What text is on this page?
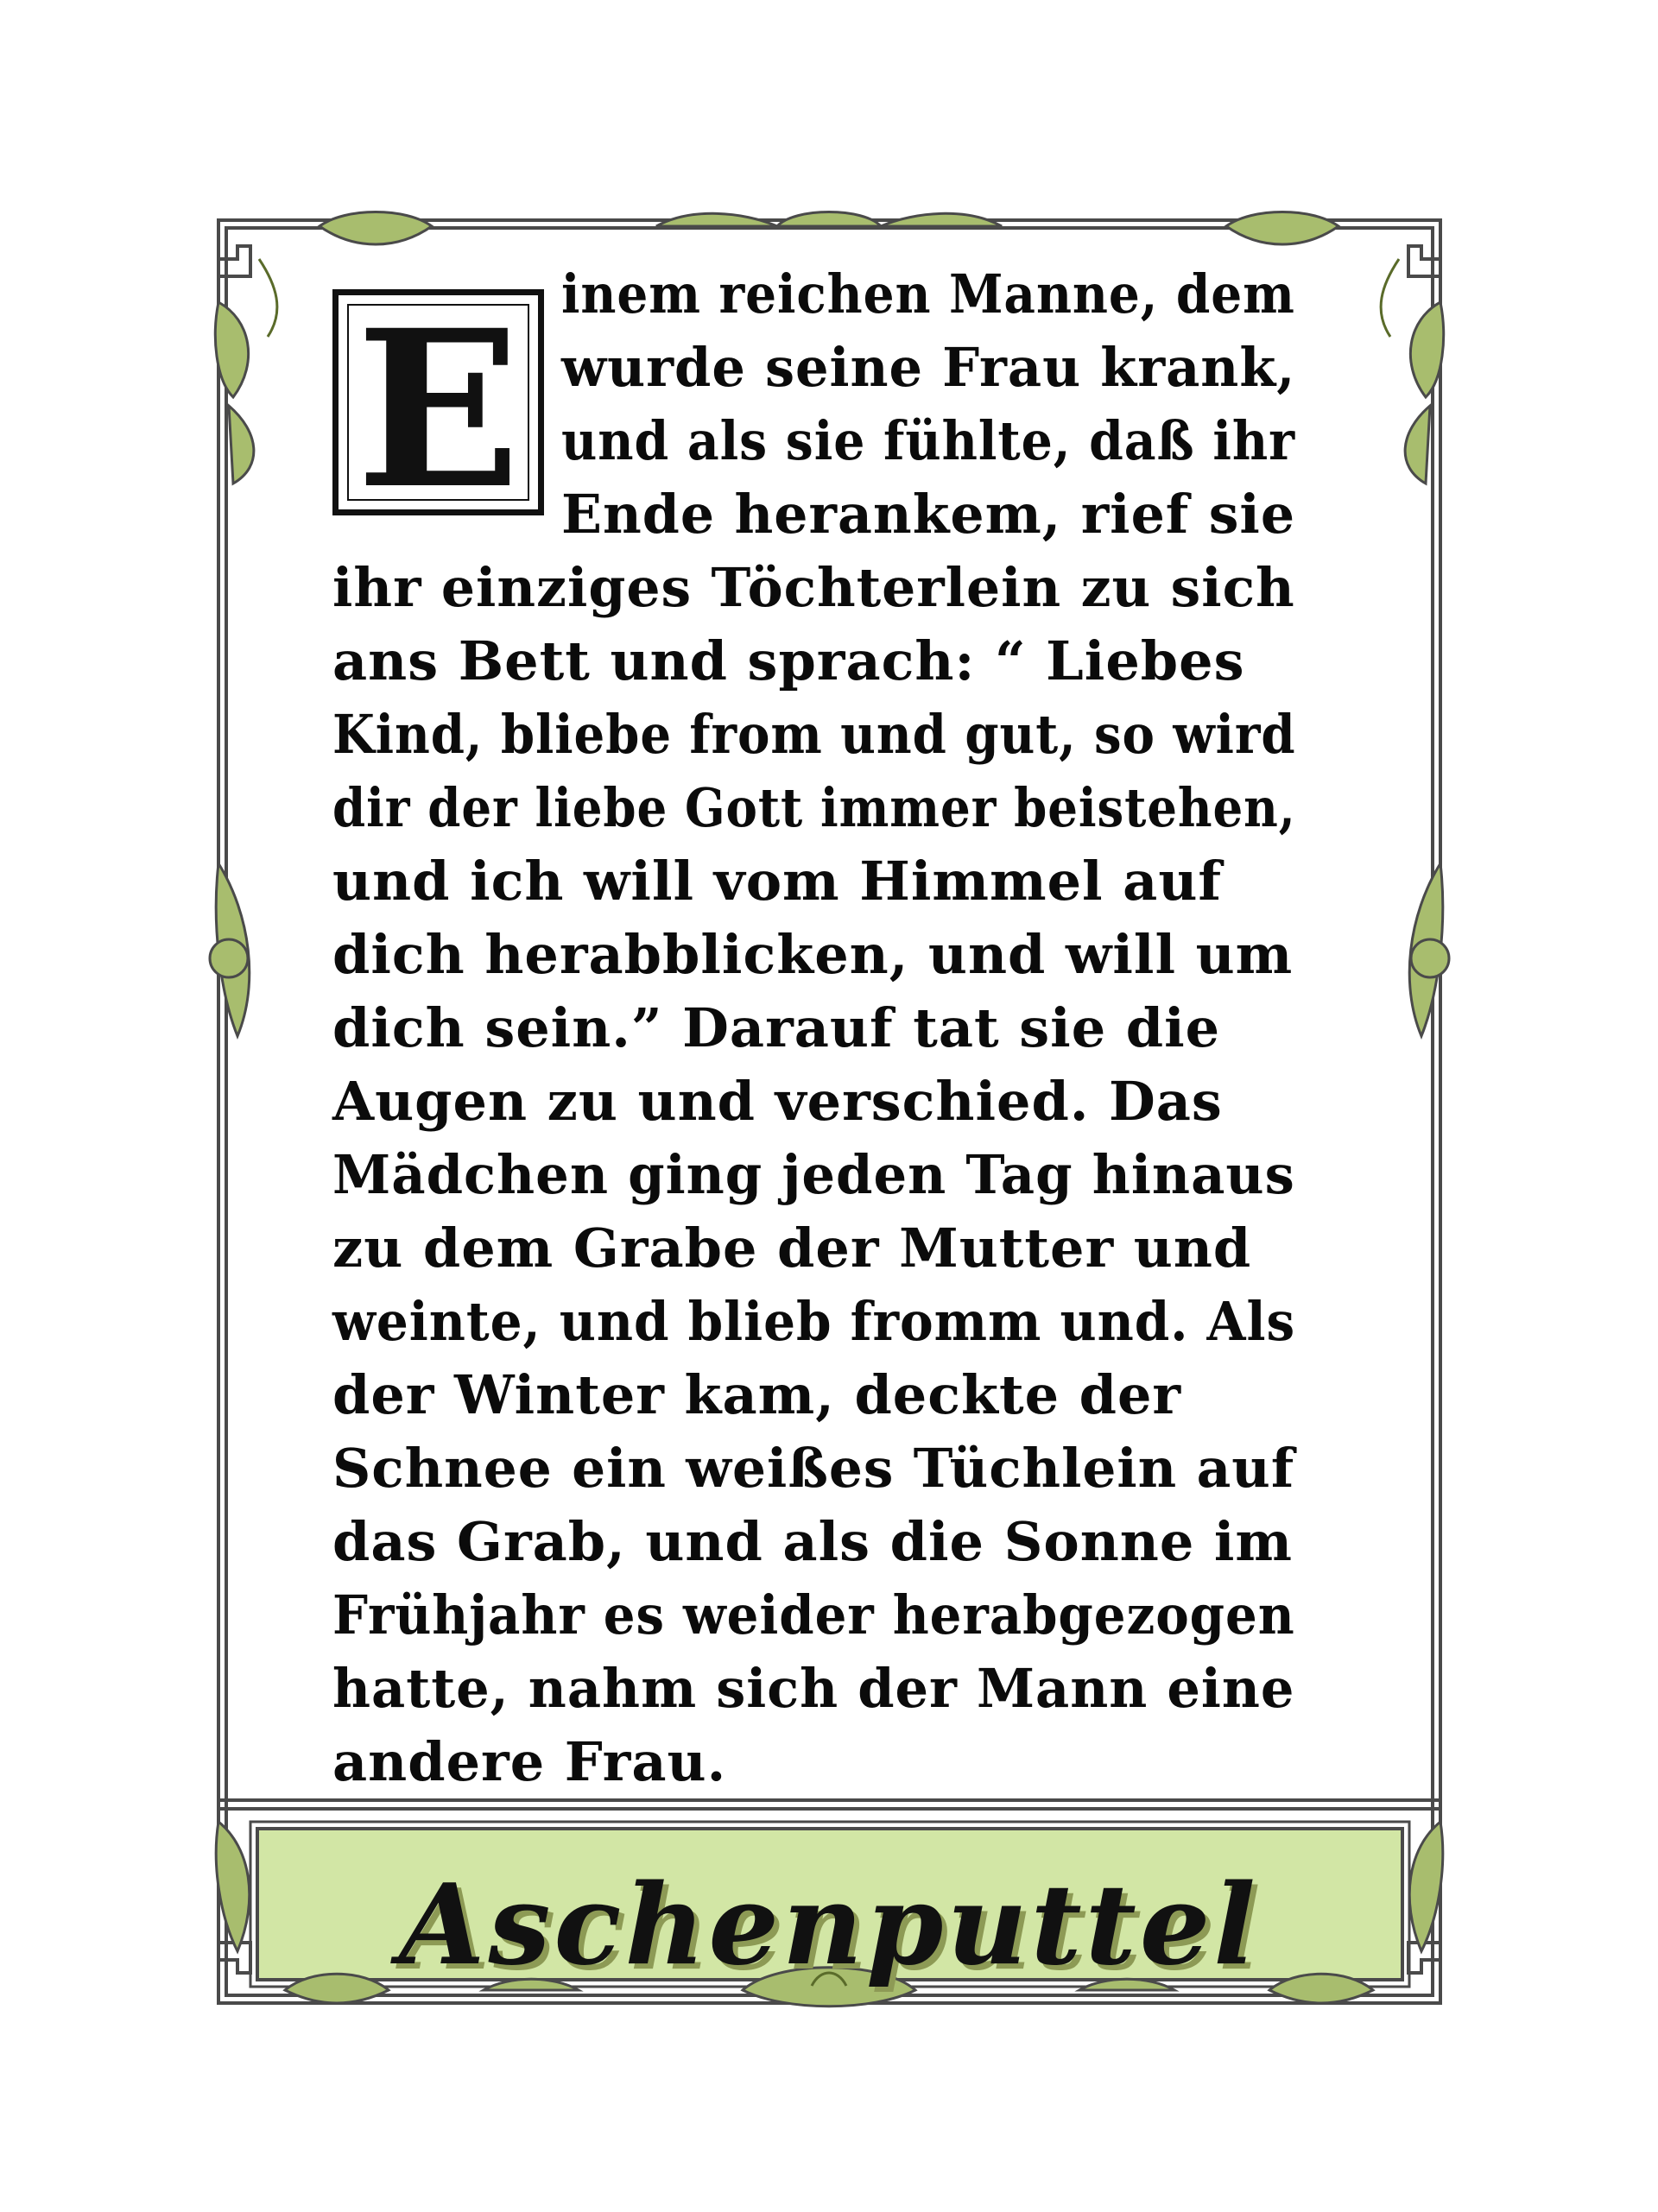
E inem reichen Manne, dem
wurde seine Frau krank,
und als sie fühlte, daß ihr
Ende herankem, rief sie
ihr einziges Töchterlein zu sich
ans Bett und sprach: “ Liebes
Kind, bliebe from und gut, so wird
dir der liebe Gott immer beistehen,
und ich will vom Himmel auf
dich herabblicken, und will um
dich sein.” Darauf tat sie die
Augen zu und verschied. Das
Mädchen ging jeden Tag hinaus
zu dem Grabe der Mutter und
weinte, und blieb fromm und. Als
der Winter kam, deckte der
Schnee ein weißes Tüchlein auf
das Grab, und als die Sonne im
Frühjahr es weider herabgezogen
hatte, nahm sich der Mann eine
andere Frau.
Aschenputtel
